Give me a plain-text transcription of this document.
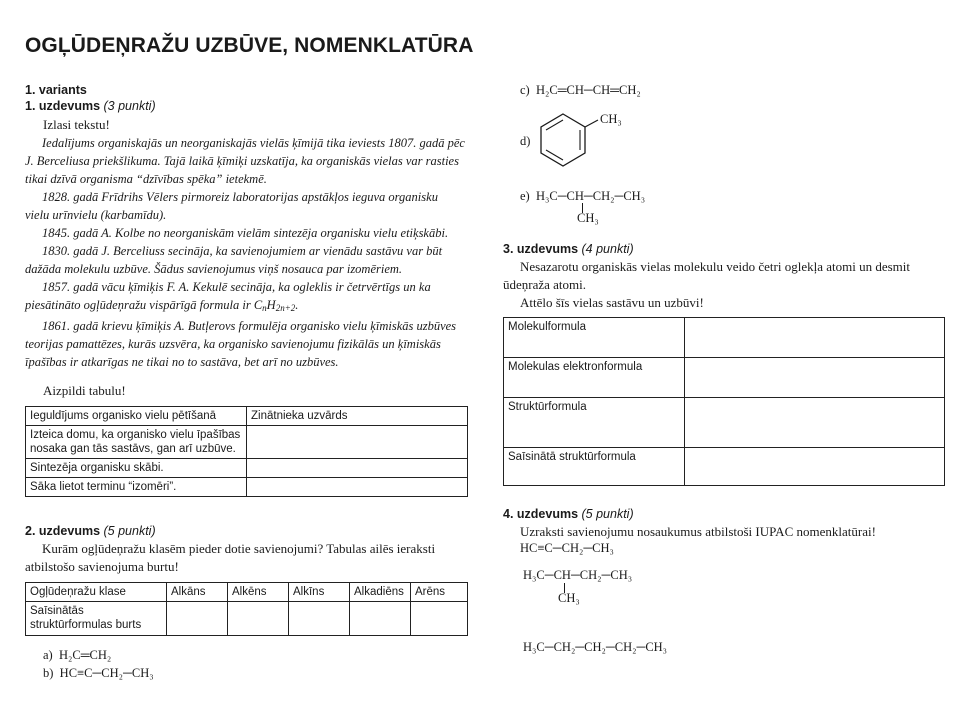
OGĻŪDEŅRAŽU UZBŪVE, NOMENKLATŪRA
1. variants
1. uzdevums (3 punkti)
Izlasi tekstu!

Iedalījums organiskajās un neorganiskajās vielās ķīmijā tika ieviests 1807. gadā pēc J. Berceliusa priekšlikuma. Tajā laikā ķīmiķi uzskatīja, ka organiskās vielas var rasties tikai dzīvā organisma “dzīvības spēka” ietekmē.

1828. gadā Frīdrihs Vēlers pirmoreiz laboratorijas apstākļos ieguva organisku vielu urīnvielu (karbamīdu).

1845. gadā A. Kolbe no neorganiskām vielām sintezēja organisku vielu etiķskābi.

1830. gadā J. Berceliuss secināja, ka savienojumiem ar vienādu sastāvu var būt dažāda molekulu uzbūve. Šādus savienojumus viņš nosauca par izomēriem.

1857. gadā vācu ķīmiķis F. A. Kekulē secināja, ka ogleklis ir četrvērtīgs un ka piesātināto ogļūdeņražu vispārīgā formula ir $C_nH_{2n+2}$.

1861. gadā krievu ķīmiķis A. Butļerovs formulēja organisko vielu ķīmiskās uzbūves teorijas pamattēzes, kurās uzsvēra, ka organisko savienojumu fizikālās un ķīmiskās īpašības ir atkarīgas ne tikai no to sastāva, bet arī no uzbūves.

Aizpildi tabulu!
Ieguldījums organisko vielu pētīšanā	Zinātnieka uzvārds
Izteica domu, ka organisko vielu īpašības nosaka gan tās sastāvs, gan arī uzbūve.	
Sintezēja organisku skābi.	
Sāka lietot terminu “izomēri”.	
2. uzdevums (5 punkti)
Kurām ogļūdeņražu klasēm pieder dotie savienojumi? Tabulas ailēs ieraksti atbilstošo savienojuma burtu!
Ogļūdeņražu klase	Alkāns	Alkēns	Alkīns	Alkadiēns	Arēns
Saīsinātās struktūrformulas burts					
a) H₂C═CH₂
b) HC≡C─CH₂─CH₃
c) H₂C═CH─CH═CH₂
d)
CH₃
e) H₃C─CH─CH₂─CH₃
CH₃
3. uzdevums (4 punkti)
Nesazarotu organiskās vielas molekulu veido četri oglekļa atomi un desmit ūdeņraža atomi.
Attēlo šīs vielas sastāvu un uzbūvi!
Molekulformula	
Molekulas elektronformula	
Struktūrformula	
Saīsinātā struktūrformula	
4. uzdevums (5 punkti)
Uzraksti savienojumu nosaukumus atbilstoši IUPAC nomenklatūrai!
HC≡C─CH₂─CH₃
H₃C─CH─CH₂─CH₃
CH₃
H₃C─CH₂─CH₂─CH₂─CH₃
